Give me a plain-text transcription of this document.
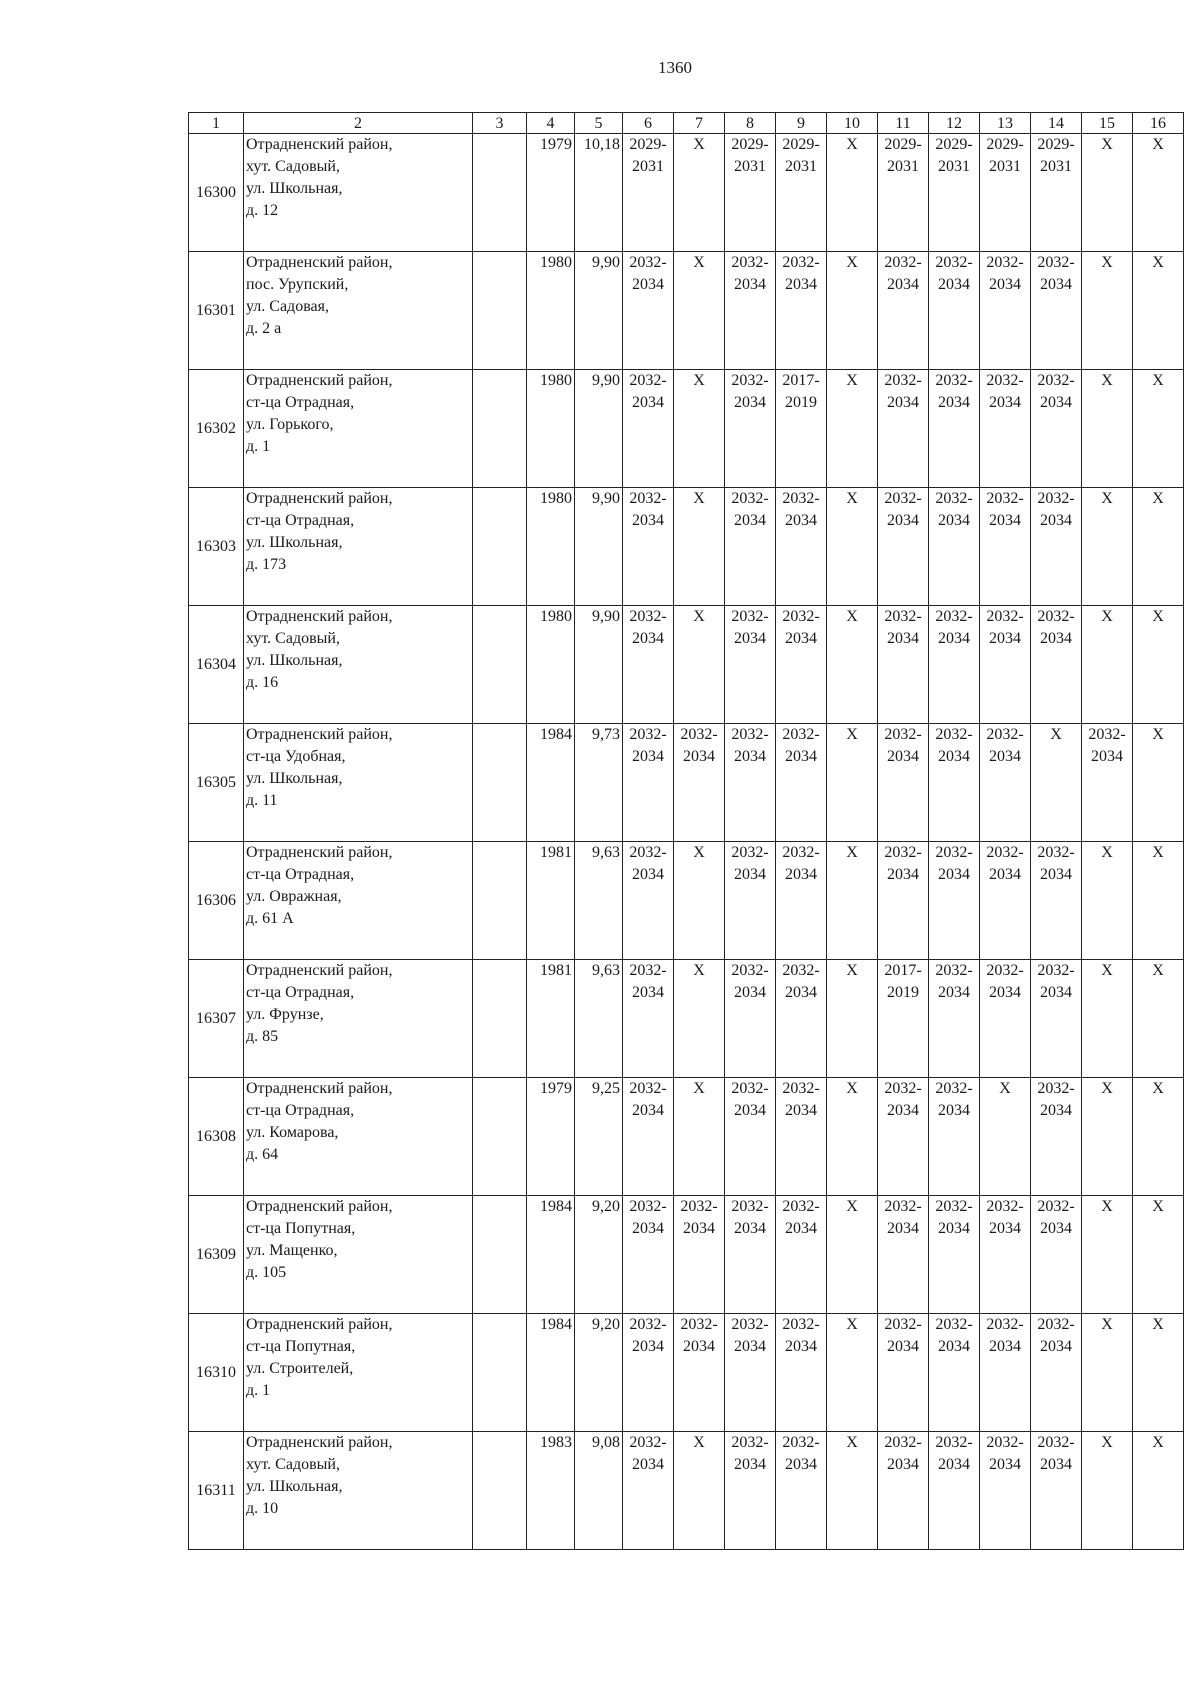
1360
1	2	3	4	5	6	7	8	9	10	11	12	13	14	15	16
16300	Отрадненский район,
хут. Садовый,
ул. Школьная,
д. 12		1979	10,18	2029-
2031	X	2029-
2031	2029-
2031	X	2029-
2031	2029-
2031	2029-
2031	2029-
2031	X	X

16301	Отрадненский район,
пос. Урупский,
ул. Садовая,
д. 2 а		1980	9,90	2032-
2034	X	2032-
2034	2032-
2034	X	2032-
2034	2032-
2034	2032-
2034	2032-
2034	X	X

16302	Отрадненский район,
ст-ца Отрадная,
ул. Горького,
д. 1		1980	9,90	2032-
2034	X	2032-
2034	2017-
2019	X	2032-
2034	2032-
2034	2032-
2034	2032-
2034	X	X

16303	Отрадненский район,
ст-ца Отрадная,
ул. Школьная,
д. 173		1980	9,90	2032-
2034	X	2032-
2034	2032-
2034	X	2032-
2034	2032-
2034	2032-
2034	2032-
2034	X	X

16304	Отрадненский район,
хут. Садовый,
ул. Школьная,
д. 16		1980	9,90	2032-
2034	X	2032-
2034	2032-
2034	X	2032-
2034	2032-
2034	2032-
2034	2032-
2034	X	X

16305	Отрадненский район,
ст-ца Удобная,
ул. Школьная,
д. 11		1984	9,73	2032-
2034	2032-
2034	2032-
2034	2032-
2034	X	2032-
2034	2032-
2034	2032-
2034	X	2032-
2034	X

16306	Отрадненский район,
ст-ца Отрадная,
ул. Овражная,
д. 61 А		1981	9,63	2032-
2034	X	2032-
2034	2032-
2034	X	2032-
2034	2032-
2034	2032-
2034	2032-
2034	X	X

16307	Отрадненский район,
ст-ца Отрадная,
ул. Фрунзе,
д. 85		1981	9,63	2032-
2034	X	2032-
2034	2032-
2034	X	2017-
2019	2032-
2034	2032-
2034	2032-
2034	X	X

16308	Отрадненский район,
ст-ца Отрадная,
ул. Комарова,
д. 64		1979	9,25	2032-
2034	X	2032-
2034	2032-
2034	X	2032-
2034	2032-
2034	X	2032-
2034	X	X

16309	Отрадненский район,
ст-ца Попутная,
ул. Мащенко,
д. 105		1984	9,20	2032-
2034	2032-
2034	2032-
2034	2032-
2034	X	2032-
2034	2032-
2034	2032-
2034	2032-
2034	X	X

16310	Отрадненский район,
ст-ца Попутная,
ул. Строителей,
д. 1		1984	9,20	2032-
2034	2032-
2034	2032-
2034	2032-
2034	X	2032-
2034	2032-
2034	2032-
2034	2032-
2034	X	X

16311	Отрадненский район,
хут. Садовый,
ул. Школьная,
д. 10		1983	9,08	2032-
2034	X	2032-
2034	2032-
2034	X	2032-
2034	2032-
2034	2032-
2034	2032-
2034	X	X
